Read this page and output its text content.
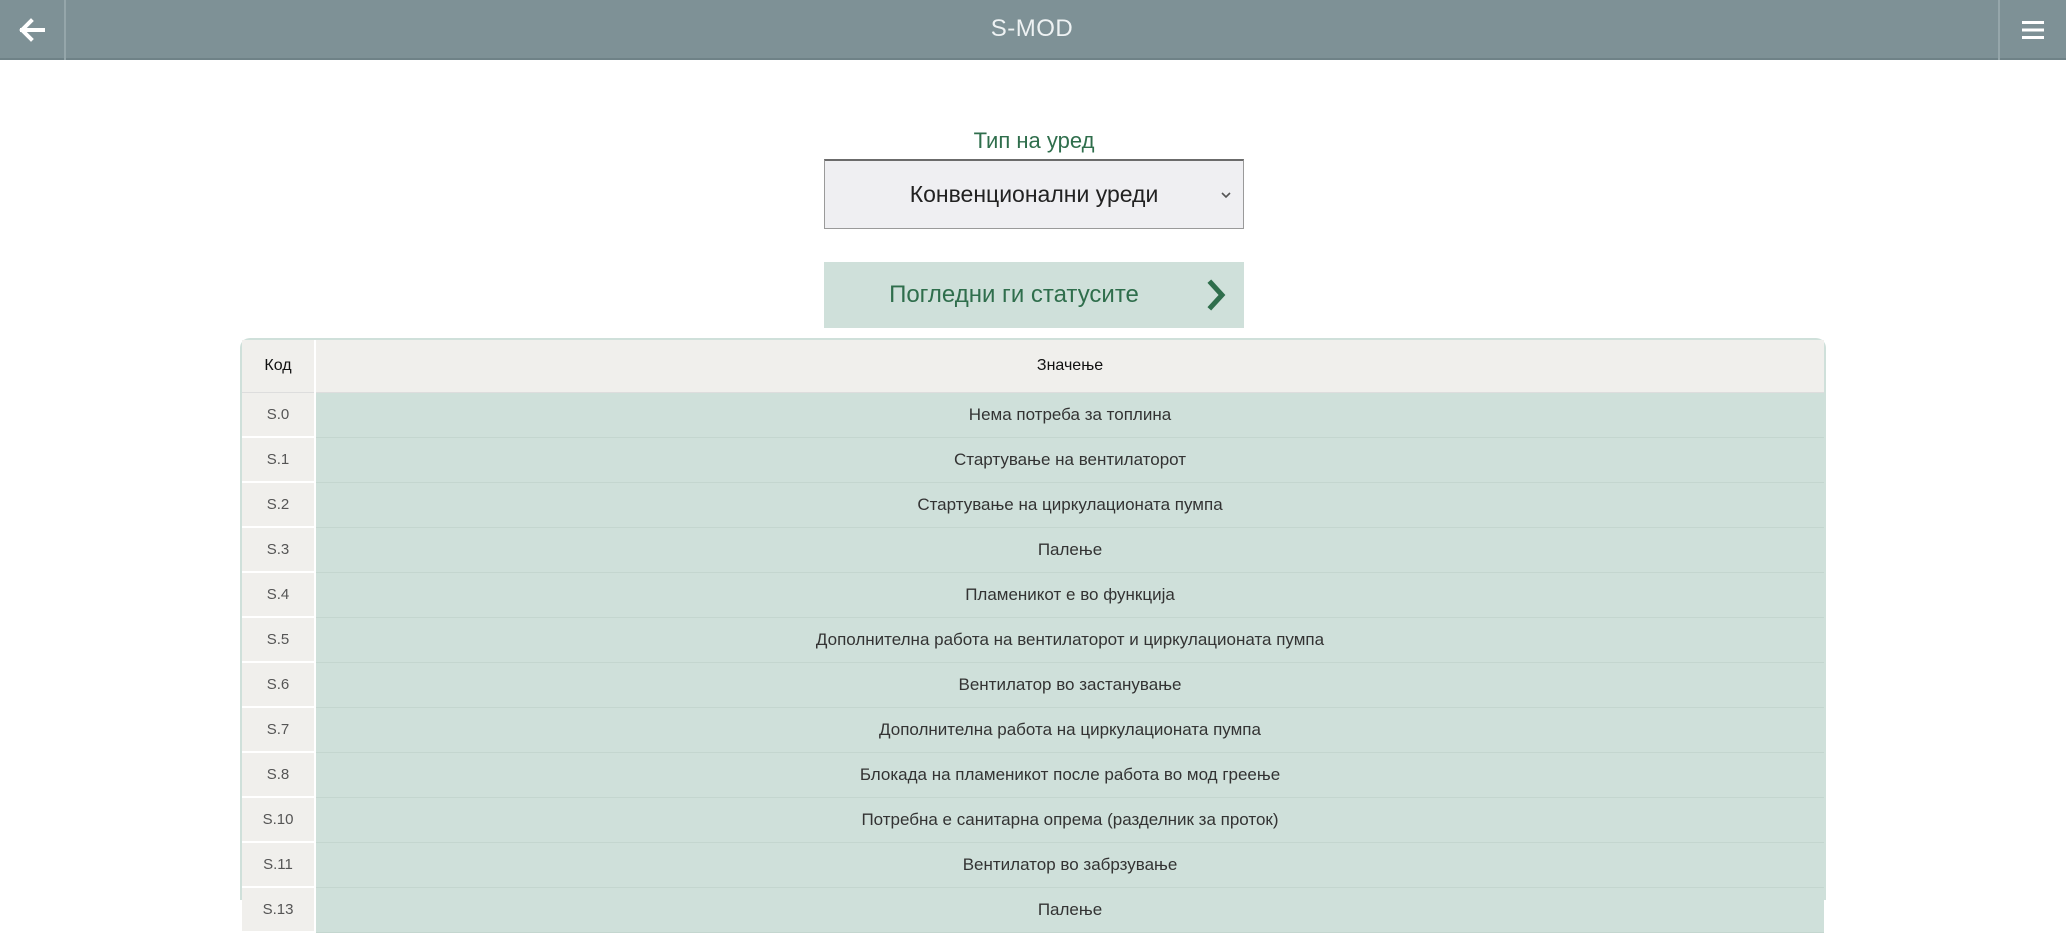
S-MOD
Тип на уред
Конвенционални уреди
Погледни ги статусите
Код	Значење
S.0	Нема потреба за топлина
S.1	Стартување на вентилаторот
S.2	Стартување на циркулационата пумпа
S.3	Палење
S.4	Пламеникот е во функција
S.5	Дополнителна работа на вентилаторот и циркулационата пумпа
S.6	Вентилатор во застанување
S.7	Дополнителна работа на циркулационата пумпа
S.8	Блокада на пламеникот после работа во мод греење
S.10	Потребна е санитарна опрема (разделник за проток)
S.11	Вентилатор во забрзување
S.13	Палење
